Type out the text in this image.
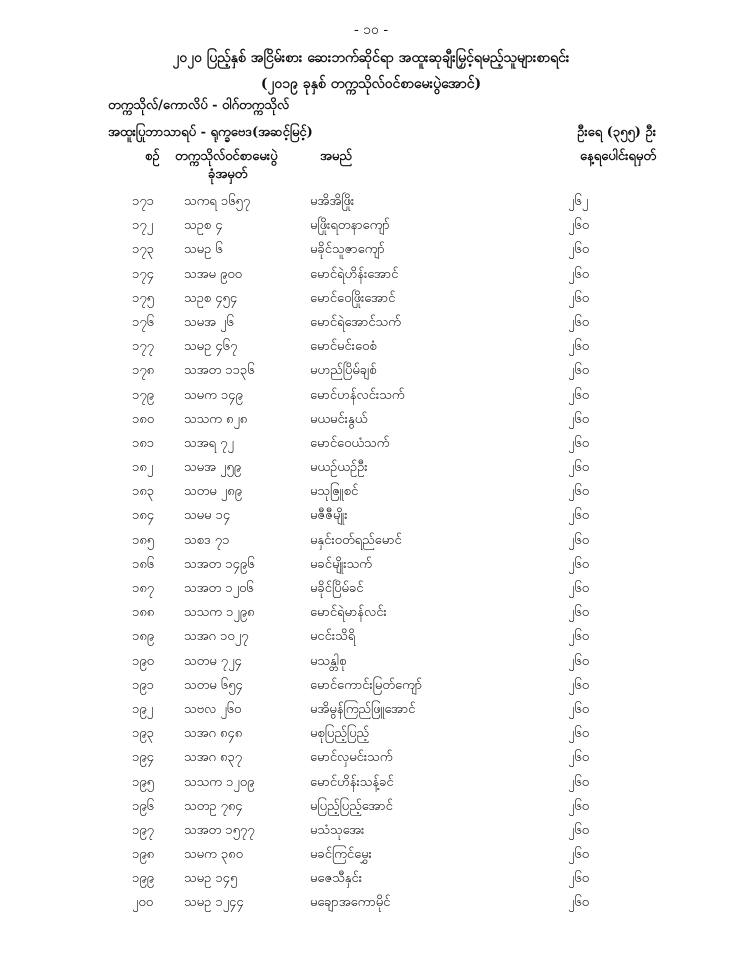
- ၁၀ -
၂၀၂၀ ပြည့်နှစ် အငြိမ်းစား ဆေးဘက်ဆိုင်ရာ အထူးဆုချီးမြှင့်ရမည့်သူများစာရင်း
(၂၀၁၉ ခုနှစ် တက္ကသိုလ်ဝင်စာမေးပွဲအောင်)
တက္ကသိုလ်/ကောလိပ် - ဝါဂ်တက္ကသိုလ်
အထူးပြုဘာသာရပ် - ရုက္ခဗေဒ(အဆင့်မြင့်)	ဦးရေ (၃၅၅) ဦး
စဉ် တက္ကသိုလ်ဝင်စာမေးပွဲ
ခုံအမှတ်
အမည်	နေ့ရပေါင်းရမှတ်
၁၇၁ သကရ ၁၆၅၇	မအိအိဖြိုး	၂၆၂
၁၇၂ သဥစ ၄	မဖြိုးရတနာကျော်	၂၆၀
၁၇၃ သမဥ ၆	မခိုင်သူဇာကျော်	၂၆၀
၁၇၄ သအမ ၉၀၀	မောင်ရဲဟိန်းအောင်	၂၆၀
၁၇၅ သဥစ ၄၅၄	မောင်ဝေဖြိုးအောင်	၂၆၀
၁၇၆ သမအ ၂၆	မောင်ရဲအောင်သက်	၂၆၀
၁၇၇ သမဥ ၄၆၇	မောင်မင်းဝေစံ	၂၆၀
၁၇၈ သအတ ၁၁၃၆	မဟည်ပြိမ်ချစ်	၂၆၀
၁၇၉ သမက ၁၄၉	မောင်ဟန်လင်းသက်	၂၆၀
၁၈၀ သသက ၈၂၈	မယမင်းနွယ်	၂၆၀
၁၈၁ သအရ ၇၂	မောင်ဝေယံသက်	၂၆၀
၁၈၂ သမအ ၂၅၉	မယဉ်ယဉ်ဦး	၂၆၀
၁၈၃ သတမ ၂၈၉	မသုဇြူစင်	၂၆၀
၁၈၄ သမမ ၁၄	မဇီဇီမျိုး	၂၆၀
၁၈၅ သစဒ ၇၁	မနှင်းဝတ်ရည်မောင်	၂၆၀
၁၈၆ သအတ ၁၄၉၆	မခင်မျိုးသက်	၂၆၀
၁၈၇ သအတ ၁၂၀၆	မခိုင်ပြိမ်ခင်	၂၆၀
၁၈၈ သသက ၁၂၉၈	မောင်ရဲမာန်လင်း	၂၆၀
၁၈၉ သအဂ ၁၀၂၇	မငင်းသိရိ	၂၆၀
၁၉၀ သတမ ၇၂၄	မသန္တါစု	၂၆၀
၁၉၁ သတမ ၆၅၄	မောင်ကောင်းမြတ်ကျော်	၂၆၀
၁၉၂ သဗလ ၂၆၀	မအိမွန်ကြည်ဖြူအောင်	၂၆၀
၁၉၃ သအဂ ၈၄၈	မစုပြည့်ပြည့်	၂၆၀
၁၉၄ သအဂ ၈၃၇	မောင်လှမင်းသက်	၂၆၀
၁၉၅ သသက ၁၂၀၉	မောင်ဟိန်းသန့်ခင်	၂၆၀
၁၉၆ သတဥ ၇၈၄	မပြည့်ပြည့်အောင်	၂၆၀
၁၉၇ သအတ ၁၅၇၇	မသံသုအေး	၂၆၀
၁၉၈ သမက ၃၈၀	မခင်ကြင်မွှေး	၂၆၀
၁၉၉ သမဥ ၁၄၅	မဇေသီနှင်း	၂၆၀
၂၀၀ သမဥ ၁၂၄၄	မချောအကောမိုင်	၂၆၀
